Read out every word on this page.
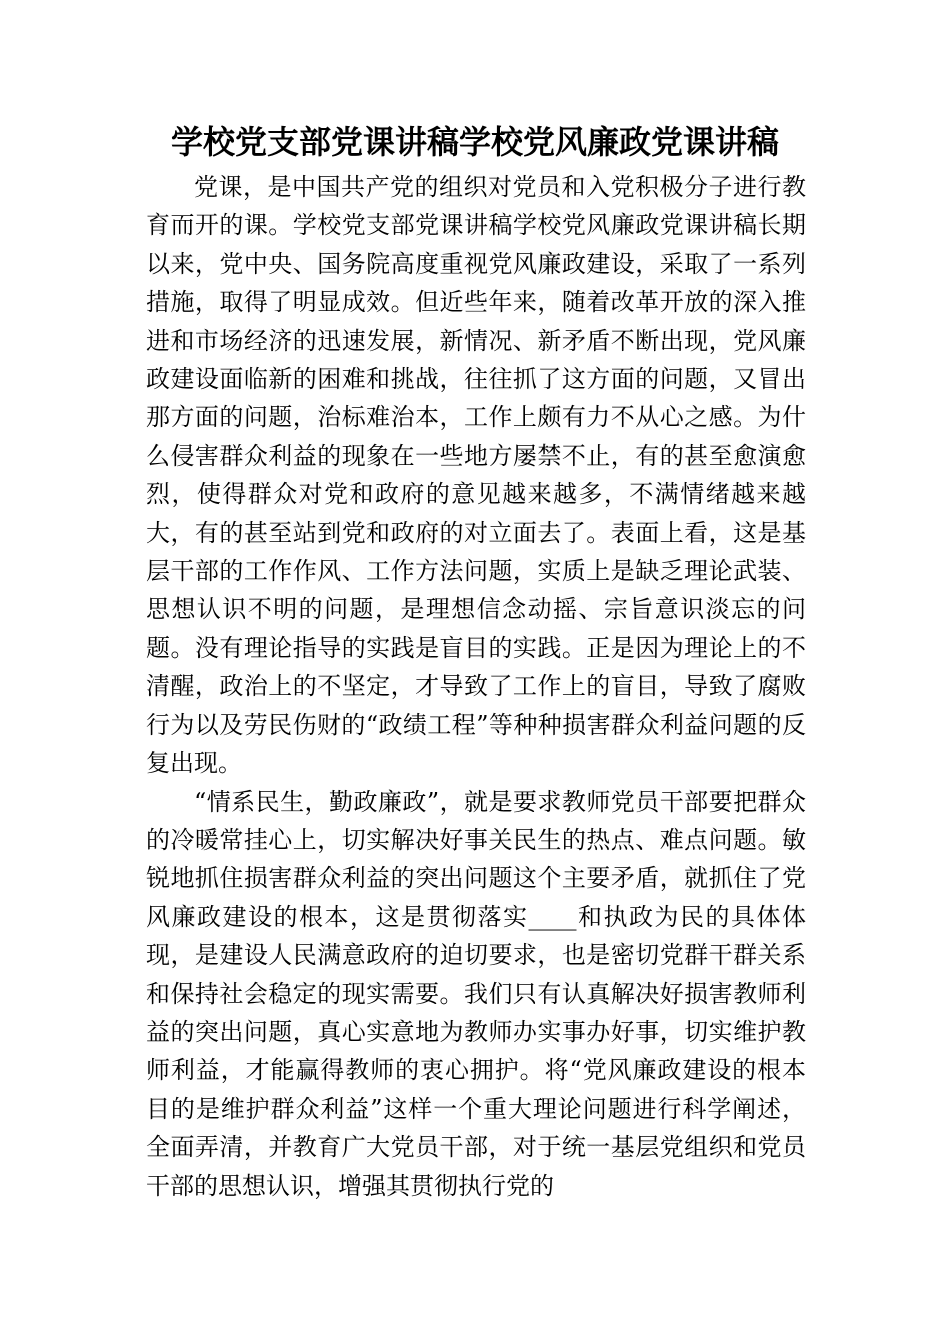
学校党支部党课讲稿学校党风廉政党课讲稿

党课，是中国共产党的组织对党员和入党积极分子进行教育而开的课。学校党支部党课讲稿学校党风廉政党课讲稿长期以来，党中央、国务院高度重视党风廉政建设，采取了一系列措施，取得了明显成效。但近些年来，随着改革开放的深入推进和市场经济的迅速发展，新情况、新矛盾不断出现，党风廉政建设面临新的困难和挑战，往往抓了这方面的问题，又冒出那方面的问题，治标难治本，工作上颇有力不从心之感。为什么侵害群众利益的现象在一些地方屡禁不止，有的甚至愈演愈烈，使得群众对党和政府的意见越来越多，不满情绪越来越大，有的甚至站到党和政府的对立面去了。表面上看，这是基层干部的工作作风、工作方法问题，实质上是缺乏理论武装、思想认识不明的问题，是理想信念动摇、宗旨意识淡忘的问题。没有理论指导的实践是盲目的实践。正是因为理论上的不清醒，政治上的不坚定，才导致了工作上的盲目，导致了腐败行为以及劳民伤财的“政绩工程”等种种损害群众利益问题的反复出现。

“情系民生，勤政廉政”，就是要求教师党员干部要把群众的冷暖常挂心上，切实解决好事关民生的热点、难点问题。敏锐地抓住损害群众利益的突出问题这个主要矛盾，就抓住了党风廉政建设的根本，这是贯彻落实____和执政为民的具体体现，是建设人民满意政府的迫切要求，也是密切党群干群关系和保持社会稳定的现实需要。我们只有认真解决好损害教师利益的突出问题，真心实意地为教师办实事办好事，切实维护教师利益，才能赢得教师的衷心拥护。将“党风廉政建设的根本目的是维护群众利益”这样一个重大理论问题进行科学阐述，全面弄清，并教育广大党员干部，对于统一基层党组织和党员干部的思想认识，增强其贯彻执行党的
